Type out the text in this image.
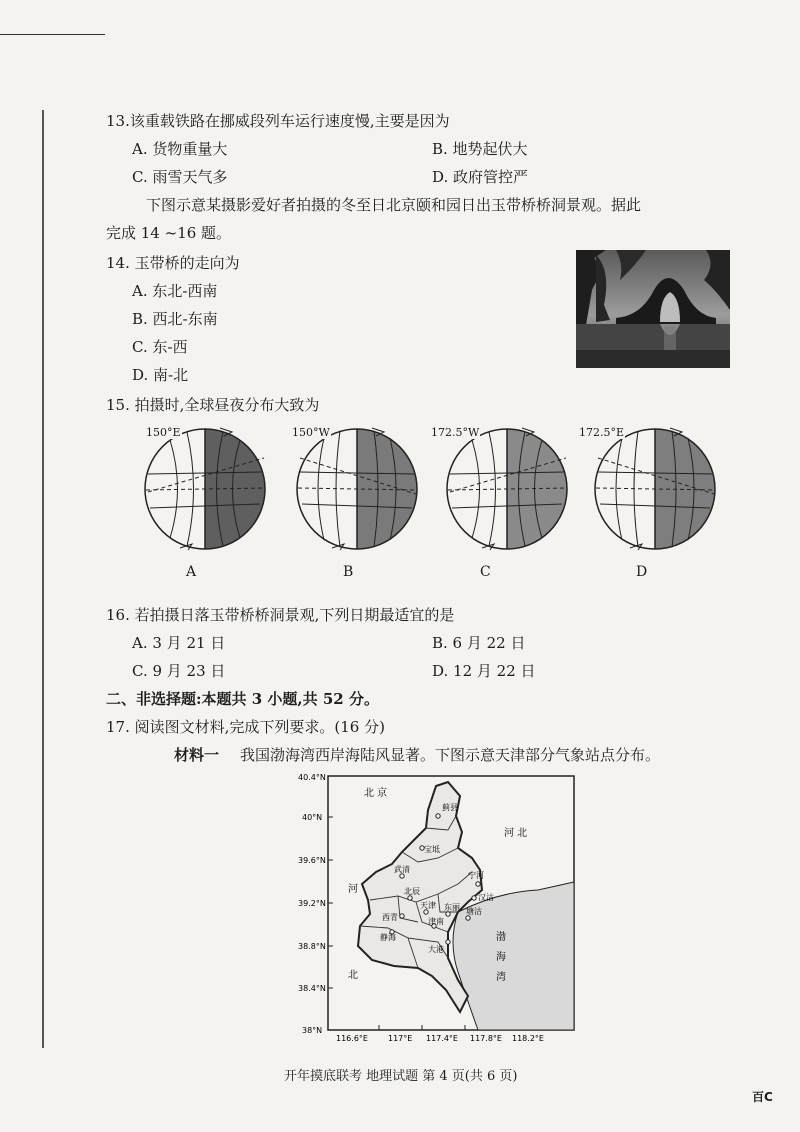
13.该重载铁路在挪威段列车运行速度慢,主要是因为
A. 货物重量大	B. 地势起伏大
C. 雨雪天气多	D. 政府管控严
下图示意某摄影爱好者拍摄的冬至日北京颐和园日出玉带桥桥洞景观。据此
完成 14 ~16 题。
14. 玉带桥的走向为
A. 东北-西南
B. 西北-东南
C. 东-西
D. 南-北
15. 拍摄时,全球昼夜分布大致为
150°E
A
150°W
B
172.5°W
C
172.5°E
D
16. 若拍摄日落玉带桥桥洞景观,下列日期最适宜的是
A. 3 月 21 日	B. 6 月 22 日
C. 9 月 23 日	D. 12 月 22 日
二、非选择题:本题共 3 小题,共 52 分。
17. 阅读图文材料,完成下列要求。(16 分)
材料一 我国渤海湾西岸海陆风显著。下图示意天津部分气象站点分布。
40.4°N
40°N
39.6°N
39.2°N
38.8°N
38.4°N
38°N
116.6°E	117°E 117.4°E 117.8°E 118.2°E
北 京
河 北
河
北
渤
海
湾
蓟县
武清
宝坻
宁河
北辰
汉沽
天津 东丽
西青
塘沽
静海
津南
大港
开年摸底联考 地理试题 第 4 页(共 6 页)
百C
